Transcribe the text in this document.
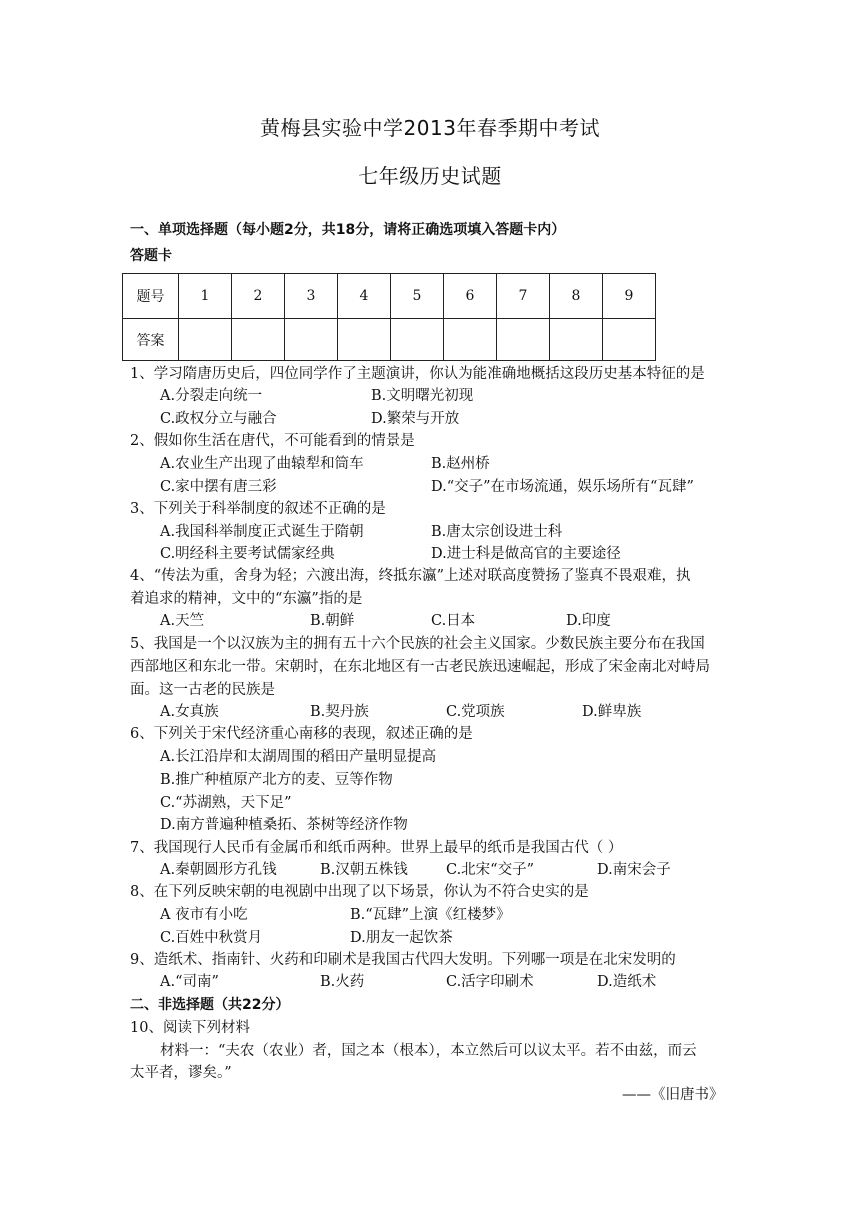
黄梅县实验中学2013年春季期中考试
七年级历史试题
一、单项选择题（每小题2分，共18分，请将正确选项填入答题卡内）
答题卡
题号	1	2	3	4	5	6	7	8	9
答案									
1、学习隋唐历史后，四位同学作了主题演讲，你认为能准确地概括这段历史基本特征的是
A.分裂走向统一	B.文明曙光初现
C.政权分立与融合	D.繁荣与开放
2、假如你生活在唐代，不可能看到的情景是
A.农业生产出现了曲辕犁和筒车	B.赵州桥
C.家中摆有唐三彩	D.“交子”在市场流通，娱乐场所有“瓦肆”
3、下列关于科举制度的叙述不正确的是
A.我国科举制度正式诞生于隋朝	B.唐太宗创设进士科
C.明经科主要考试儒家经典	D.进士科是做高官的主要途径
4、“传法为重，舍身为轻；六渡出海，终抵东瀛”上述对联高度赞扬了鉴真不畏艰难，执
着追求的精神，文中的“东瀛”指的是
A.天竺	B.朝鲜	C.日本	D.印度
5、我国是一个以汉族为主的拥有五十六个民族的社会主义国家。少数民族主要分布在我国
西部地区和东北一带。宋朝时，在东北地区有一古老民族迅速崛起，形成了宋金南北对峙局
面。这一古老的民族是
A.女真族	B.契丹族	C.党项族	D.鲜卑族
6、下列关于宋代经济重心南移的表现，叙述正确的是
A.长江沿岸和太湖周围的稻田产量明显提高
B.推广种植原产北方的麦、豆等作物
C.“苏湖熟，天下足”
D.南方普遍种植桑拓、茶树等经济作物
7、我国现行人民币有金属币和纸币两种。世界上最早的纸币是我国古代（ ）
A.秦朝圆形方孔钱	B.汉朝五株钱	C.北宋“交子”	D.南宋会子
8、在下列反映宋朝的电视剧中出现了以下场景，你认为不符合史实的是
A 夜市有小吃	B.“瓦肆”上演《红楼梦》
C.百姓中秋赏月	D.朋友一起饮茶
9、造纸术、指南针、火药和印刷术是我国古代四大发明。下列哪一项是在北宋发明的
A.“司南”	B.火药	C.活字印刷术	D.造纸术
二、非选择题（共22分）
10、阅读下列材料
材料一：“夫农（农业）者，国之本（根本），本立然后可以议太平。若不由兹，而云
太平者，谬矣。”
——《旧唐书》
